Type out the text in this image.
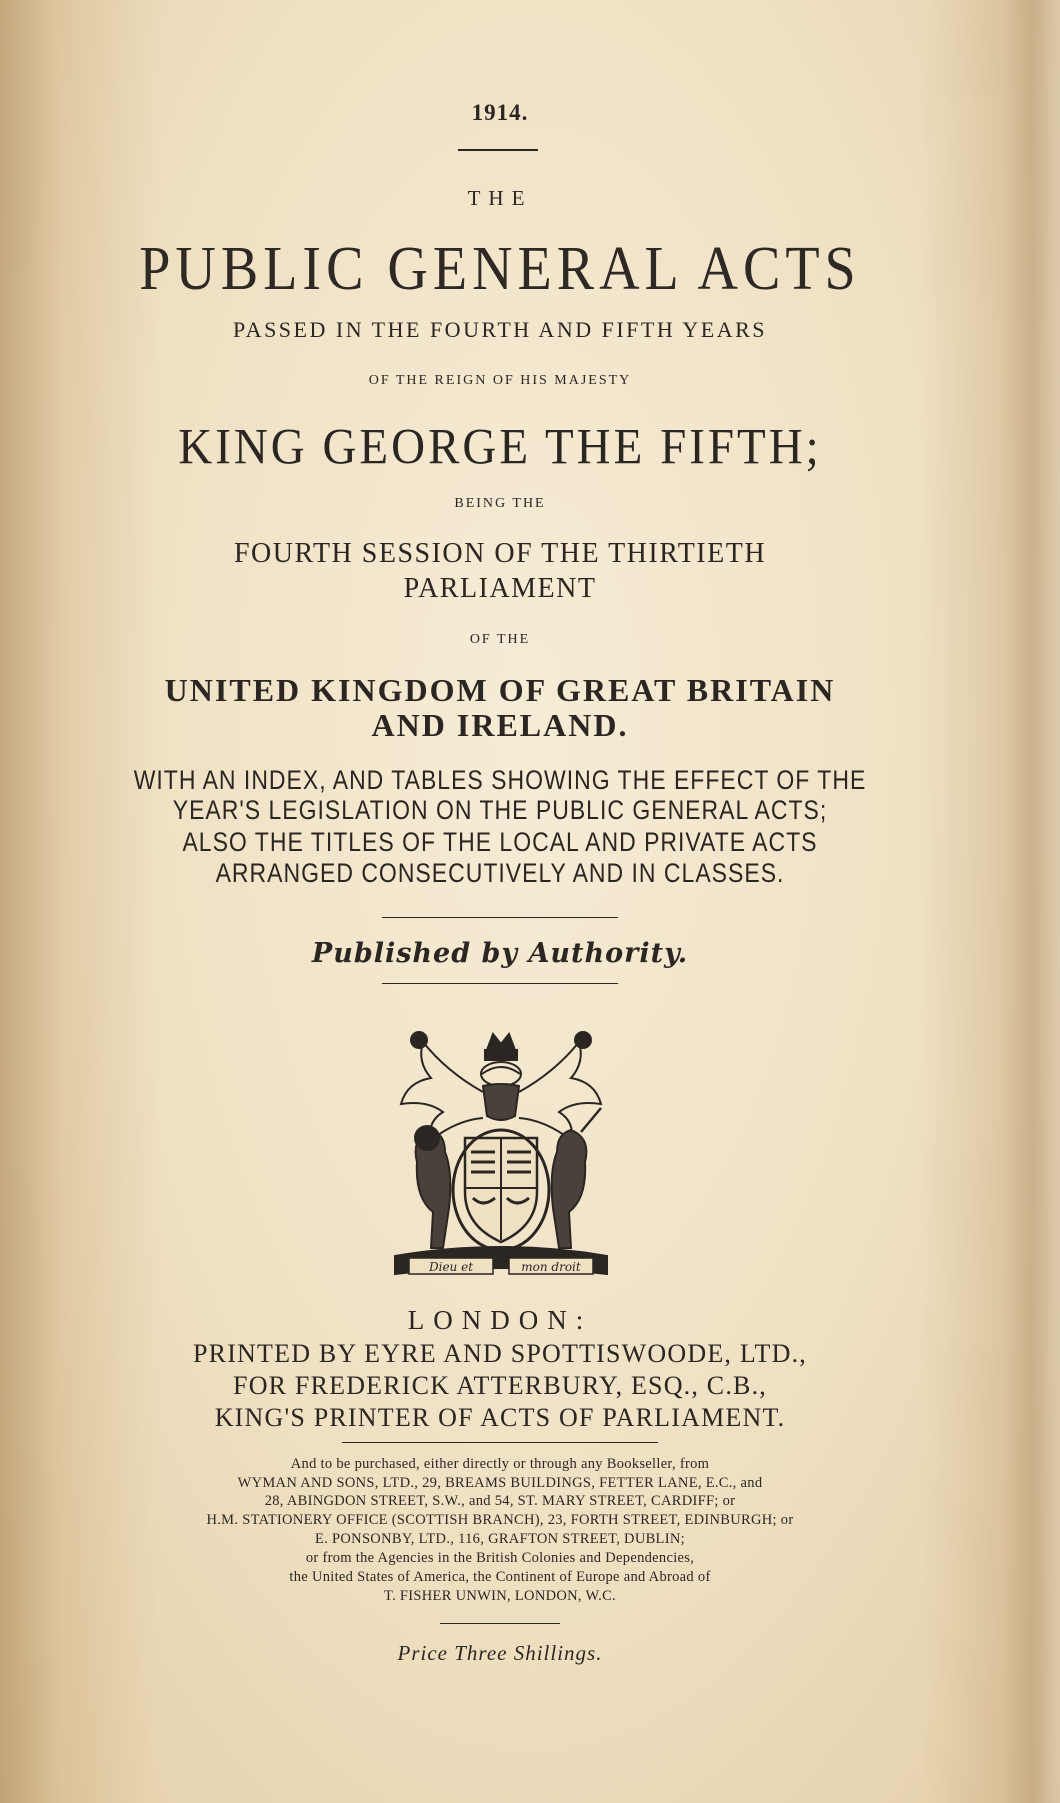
1914.
THE
PUBLIC GENERAL ACTS
PASSED IN THE FOURTH AND FIFTH YEARS
OF THE REIGN OF HIS MAJESTY
KING GEORGE THE FIFTH;
BEING THE
FOURTH SESSION OF THE THIRTIETH
PARLIAMENT
OF THE
UNITED KINGDOM OF GREAT BRITAIN
AND IRELAND.
WITH AN INDEX, AND TABLES SHOWING THE EFFECT OF THE
YEAR'S LEGISLATION ON THE PUBLIC GENERAL ACTS;
ALSO THE TITLES OF THE LOCAL AND PRIVATE ACTS
ARRANGED CONSECUTIVELY AND IN CLASSES.
Published by Authority.
Dieu et	mon droit
LONDON:
PRINTED BY EYRE AND SPOTTISWOODE, LTD.,
FOR FREDERICK ATTERBURY, ESQ., C.B.,
KING'S PRINTER OF ACTS OF PARLIAMENT.
And to be purchased, either directly or through any Bookseller, from
WYMAN AND SONS, LTD., 29, BREAMS BUILDINGS, FETTER LANE, E.C., and
28, ABINGDON STREET, S.W., and 54, ST. MARY STREET, CARDIFF; or
H.M. STATIONERY OFFICE (SCOTTISH BRANCH), 23, FORTH STREET, EDINBURGH; or
E. PONSONBY, LTD., 116, GRAFTON STREET, DUBLIN;
or from the Agencies in the British Colonies and Dependencies,
the United States of America, the Continent of Europe and Abroad of
T. FISHER UNWIN, LONDON, W.C.
Price Three Shillings.
